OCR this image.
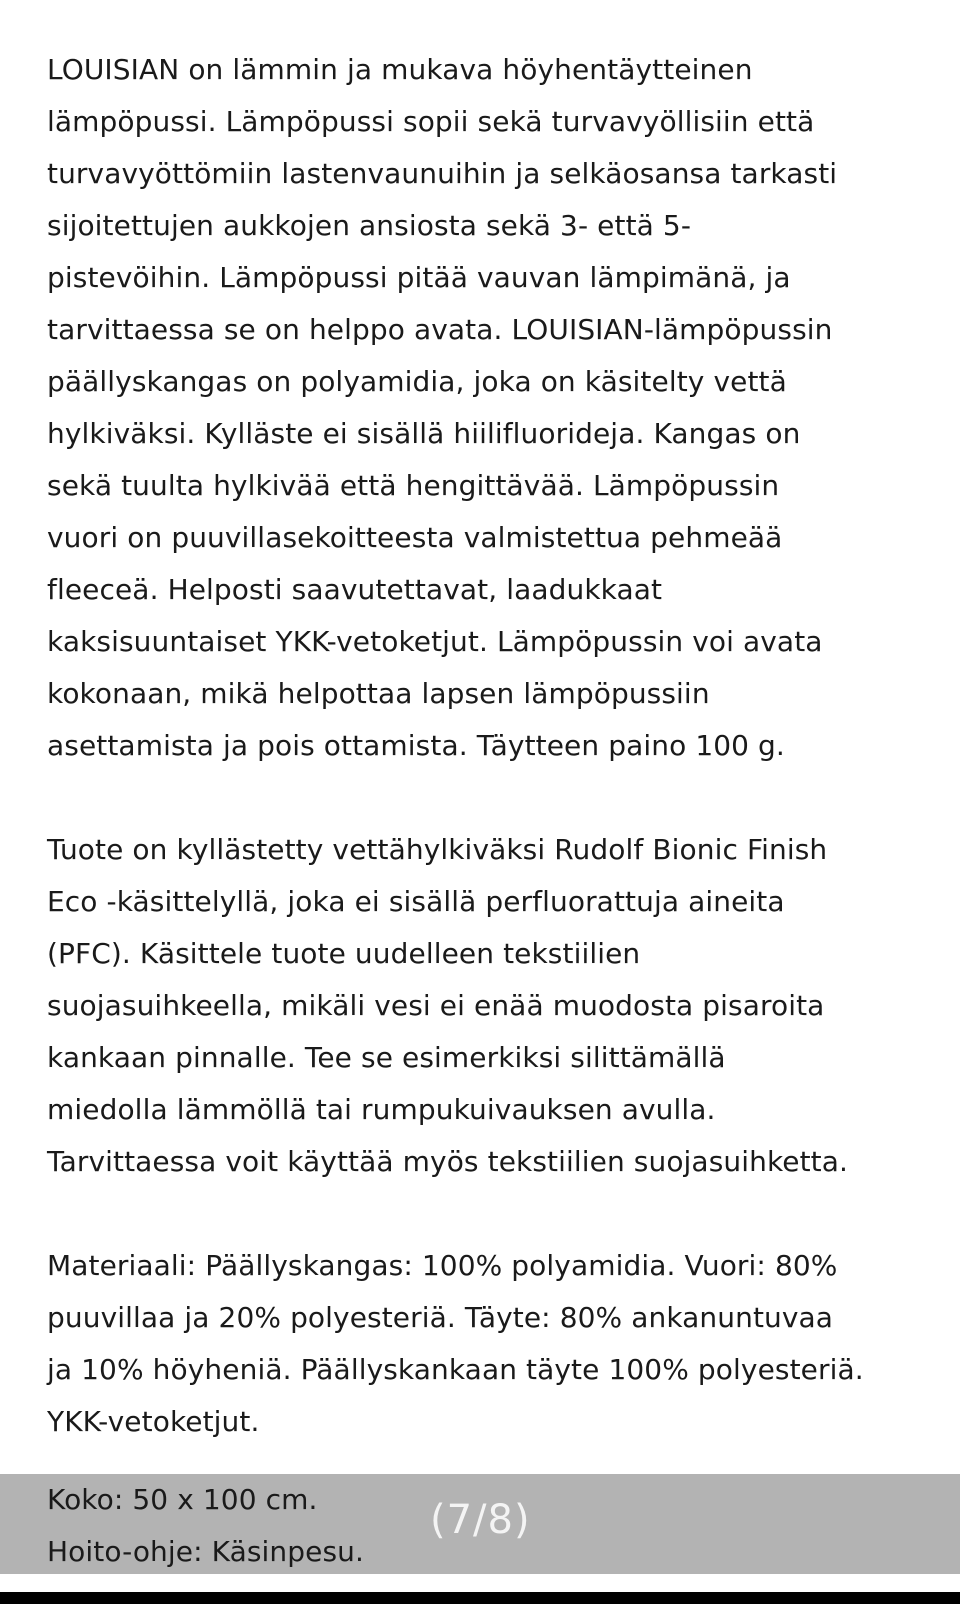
LOUISIAN on lämmin ja mukava höyhentäytteinen
lämpöpussi. Lämpöpussi sopii sekä turvavyöllisiin että
turvavyöttömiin lastenvaunuihin ja selkäosansa tarkasti
sijoitettujen aukkojen ansiosta sekä 3- että 5-
pistevöihin. Lämpöpussi pitää vauvan lämpimänä, ja
tarvittaessa se on helppo avata. LOUISIAN-lämpöpussin
päällyskangas on polyamidia, joka on käsitelty vettä
hylkiväksi. Kylläste ei sisällä hiilifluorideja. Kangas on
sekä tuulta hylkivää että hengittävää. Lämpöpussin
vuori on puuvillasekoitteesta valmistettua pehmeää
fleeceä. Helposti saavutettavat, laadukkaat
kaksisuuntaiset YKK-vetoketjut. Lämpöpussin voi avata
kokonaan, mikä helpottaa lapsen lämpöpussiin
asettamista ja pois ottamista. Täytteen paino 100 g.

Tuote on kyllästetty vettähylkiväksi Rudolf Bionic Finish
Eco -käsittelyllä, joka ei sisällä perfluorattuja aineita
(PFC). Käsittele tuote uudelleen tekstiilien
suojasuihkeella, mikäli vesi ei enää muodosta pisaroita
kankaan pinnalle. Tee se esimerkiksi silittämällä
miedolla lämmöllä tai rumpukuivauksen avulla.
Tarvittaessa voit käyttää myös tekstiilien suojasuihketta.

Materiaali: Päällyskangas: 100% polyamidia. Vuori: 80%
puuvillaa ja 20% polyesteriä. Täyte: 80% ankanuntuvaa
ja 10% höyheniä. Päällyskankaan täyte 100% polyesteriä.
YKK-vetoketjut.

Koko: 50 x 100 cm.
Hoito-ohje: Käsinpesu.
(7/8)
